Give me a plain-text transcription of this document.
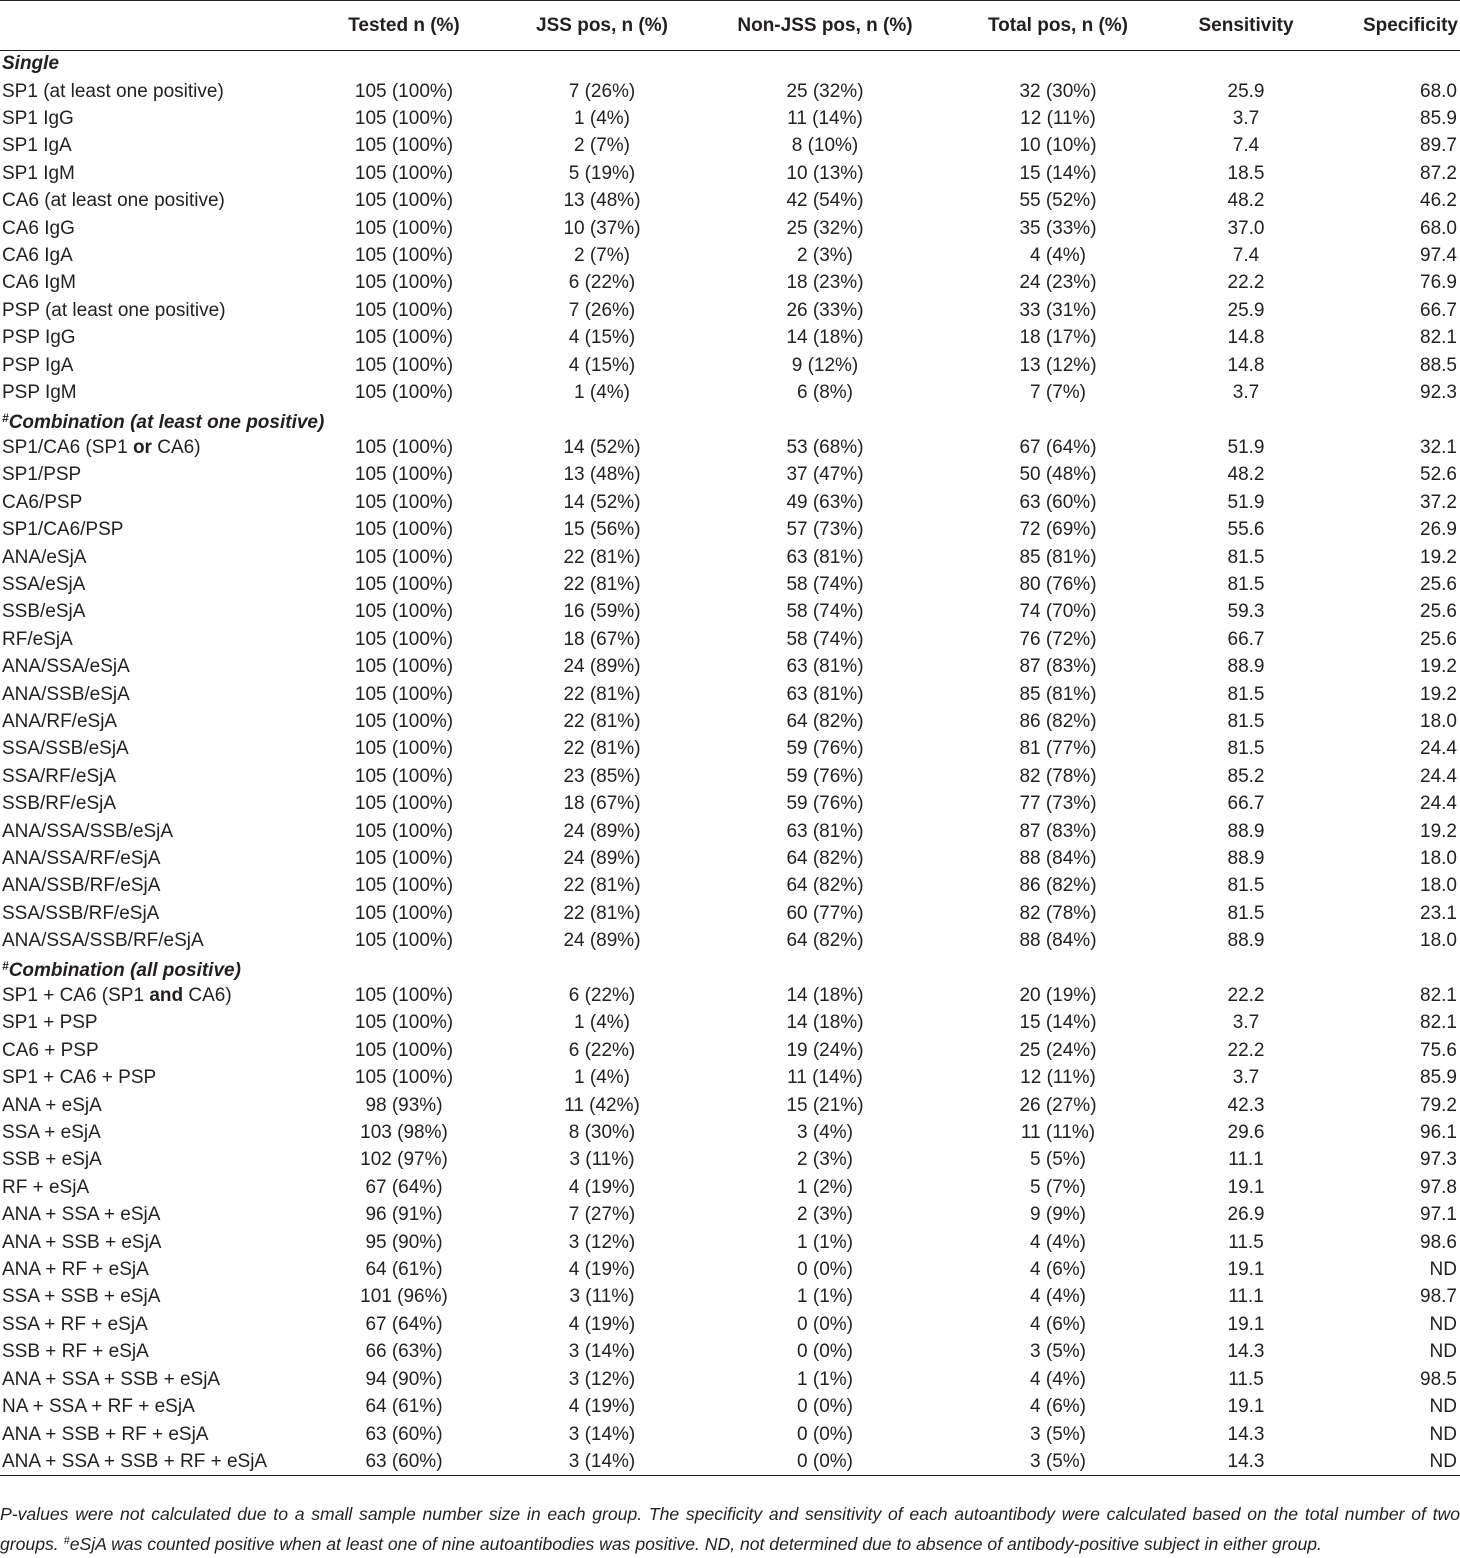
	Tested n (%)	JSS pos, n (%)	Non-JSS pos, n (%)	Total pos, n (%)	Sensitivity	Specificity
Single						
SP1 (at least one positive)	105 (100%)	7 (26%)	25 (32%)	32 (30%)	25.9	68.0
SP1 IgG	105 (100%)	1 (4%)	11 (14%)	12 (11%)	3.7	85.9
SP1 IgA	105 (100%)	2 (7%)	8 (10%)	10 (10%)	7.4	89.7
SP1 IgM	105 (100%)	5 (19%)	10 (13%)	15 (14%)	18.5	87.2
CA6 (at least one positive)	105 (100%)	13 (48%)	42 (54%)	55 (52%)	48.2	46.2
CA6 IgG	105 (100%)	10 (37%)	25 (32%)	35 (33%)	37.0	68.0
CA6 IgA	105 (100%)	2 (7%)	2 (3%)	4 (4%)	7.4	97.4
CA6 IgM	105 (100%)	6 (22%)	18 (23%)	24 (23%)	22.2	76.9
PSP (at least one positive)	105 (100%)	7 (26%)	26 (33%)	33 (31%)	25.9	66.7
PSP IgG	105 (100%)	4 (15%)	14 (18%)	18 (17%)	14.8	82.1
PSP IgA	105 (100%)	4 (15%)	9 (12%)	13 (12%)	14.8	88.5
PSP IgM	105 (100%)	1 (4%)	6 (8%)	7 (7%)	3.7	92.3
#Combination (at least one positive)						
SP1/CA6 (SP1 or CA6)	105 (100%)	14 (52%)	53 (68%)	67 (64%)	51.9	32.1
SP1/PSP	105 (100%)	13 (48%)	37 (47%)	50 (48%)	48.2	52.6
CA6/PSP	105 (100%)	14 (52%)	49 (63%)	63 (60%)	51.9	37.2
SP1/CA6/PSP	105 (100%)	15 (56%)	57 (73%)	72 (69%)	55.6	26.9
ANA/eSjA	105 (100%)	22 (81%)	63 (81%)	85 (81%)	81.5	19.2
SSA/eSjA	105 (100%)	22 (81%)	58 (74%)	80 (76%)	81.5	25.6
SSB/eSjA	105 (100%)	16 (59%)	58 (74%)	74 (70%)	59.3	25.6
RF/eSjA	105 (100%)	18 (67%)	58 (74%)	76 (72%)	66.7	25.6
ANA/SSA/eSjA	105 (100%)	24 (89%)	63 (81%)	87 (83%)	88.9	19.2
ANA/SSB/eSjA	105 (100%)	22 (81%)	63 (81%)	85 (81%)	81.5	19.2
ANA/RF/eSjA	105 (100%)	22 (81%)	64 (82%)	86 (82%)	81.5	18.0
SSA/SSB/eSjA	105 (100%)	22 (81%)	59 (76%)	81 (77%)	81.5	24.4
SSA/RF/eSjA	105 (100%)	23 (85%)	59 (76%)	82 (78%)	85.2	24.4
SSB/RF/eSjA	105 (100%)	18 (67%)	59 (76%)	77 (73%)	66.7	24.4
ANA/SSA/SSB/eSjA	105 (100%)	24 (89%)	63 (81%)	87 (83%)	88.9	19.2
ANA/SSA/RF/eSjA	105 (100%)	24 (89%)	64 (82%)	88 (84%)	88.9	18.0
ANA/SSB/RF/eSjA	105 (100%)	22 (81%)	64 (82%)	86 (82%)	81.5	18.0
SSA/SSB/RF/eSjA	105 (100%)	22 (81%)	60 (77%)	82 (78%)	81.5	23.1
ANA/SSA/SSB/RF/eSjA	105 (100%)	24 (89%)	64 (82%)	88 (84%)	88.9	18.0
#Combination (all positive)						
SP1 + CA6 (SP1 and CA6)	105 (100%)	6 (22%)	14 (18%)	20 (19%)	22.2	82.1
SP1 + PSP	105 (100%)	1 (4%)	14 (18%)	15 (14%)	3.7	82.1
CA6 + PSP	105 (100%)	6 (22%)	19 (24%)	25 (24%)	22.2	75.6
SP1 + CA6 + PSP	105 (100%)	1 (4%)	11 (14%)	12 (11%)	3.7	85.9
ANA + eSjA	98 (93%)	11 (42%)	15 (21%)	26 (27%)	42.3	79.2
SSA + eSjA	103 (98%)	8 (30%)	3 (4%)	11 (11%)	29.6	96.1
SSB + eSjA	102 (97%)	3 (11%)	2 (3%)	5 (5%)	11.1	97.3
RF + eSjA	67 (64%)	4 (19%)	1 (2%)	5 (7%)	19.1	97.8
ANA + SSA + eSjA	96 (91%)	7 (27%)	2 (3%)	9 (9%)	26.9	97.1
ANA + SSB + eSjA	95 (90%)	3 (12%)	1 (1%)	4 (4%)	11.5	98.6
ANA + RF + eSjA	64 (61%)	4 (19%)	0 (0%)	4 (6%)	19.1	ND
SSA + SSB + eSjA	101 (96%)	3 (11%)	1 (1%)	4 (4%)	11.1	98.7
SSA + RF + eSjA	67 (64%)	4 (19%)	0 (0%)	4 (6%)	19.1	ND
SSB + RF + eSjA	66 (63%)	3 (14%)	0 (0%)	3 (5%)	14.3	ND
ANA + SSA + SSB + eSjA	94 (90%)	3 (12%)	1 (1%)	4 (4%)	11.5	98.5
NA + SSA + RF + eSjA	64 (61%)	4 (19%)	0 (0%)	4 (6%)	19.1	ND
ANA + SSB + RF + eSjA	63 (60%)	3 (14%)	0 (0%)	3 (5%)	14.3	ND
ANA + SSA + SSB + RF + eSjA	63 (60%)	3 (14%)	0 (0%)	3 (5%)	14.3	ND
P-values were not calculated due to a small sample number size in each group. The specificity and sensitivity of each autoantibody were calculated based on the total number of two groups. #eSjA was counted positive when at least one of nine autoantibodies was positive. ND, not determined due to absence of antibody-positive subject in either group.
